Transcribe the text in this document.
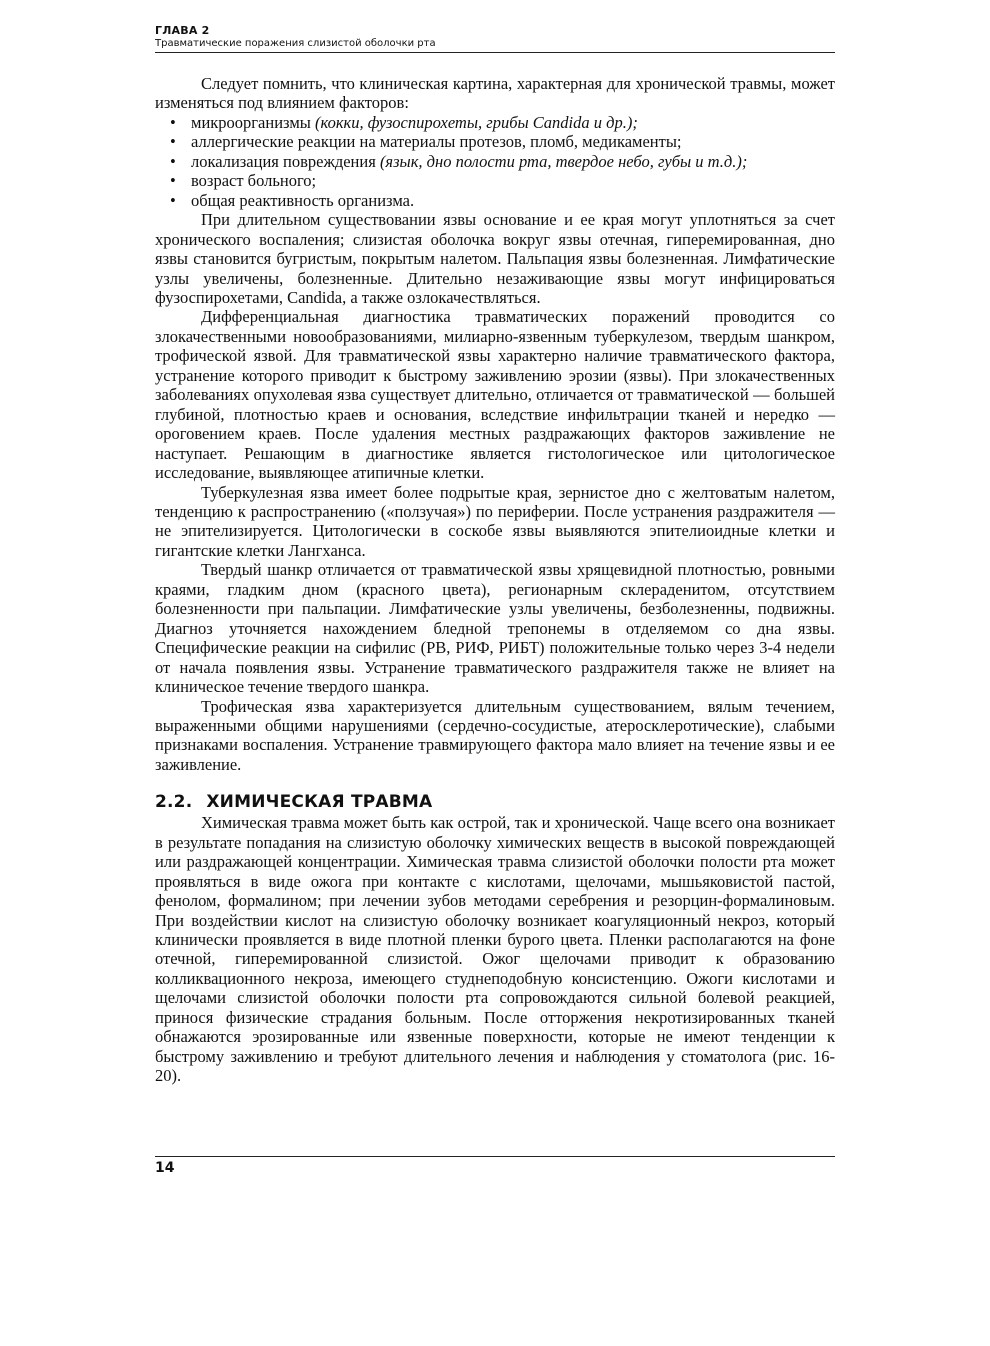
ГЛАВА 2
Травматические поражения слизистой оболочки рта

Следует помнить, что клиническая картина, характерная для хронической травмы, может изменяться под влиянием факторов:

• микроорганизмы (кокки, фузоспирохеты, грибы Candida и др.);
• аллергические реакции на материалы протезов, пломб, медикаменты;
• локализация повреждения (язык, дно полости рта, твердое небо, губы и т.д.);
• возраст больного;
• общая реактивность организма.

При длительном существовании язвы основание и ее края могут уплотняться за счет хронического воспаления; слизистая оболочка вокруг язвы отечная, гиперемированная, дно язвы становится бугристым, покрытым налетом. Пальпация язвы болезненная. Лимфатические узлы увеличены, болезненные. Длительно незаживающие язвы могут инфицироваться фузоспирохетами, Candida, а также озлокачествляться.

Дифференциальная диагностика травматических поражений проводится со злокачественными новообразованиями, милиарно-язвенным туберкулезом, твердым шанкром, трофической язвой. Для травматической язвы характерно наличие травматического фактора, устранение которого приводит к быстрому заживлению эрозии (язвы). При злокачественных заболеваниях опухолевая язва существует длительно, отличается от травматической — большей глубиной, плотностью краев и основания, вследствие инфильтрации тканей и нередко — ороговением краев. После удаления местных раздражающих факторов заживление не наступает. Решающим в диагностике является гистологическое или цитологическое исследование, выявляющее атипичные клетки.

Туберкулезная язва имеет более подрытые края, зернистое дно с желтоватым налетом, тенденцию к распространению («ползучая») по периферии. После устранения раздражителя — не эпителизируется. Цитологически в соскобе язвы выявляются эпителиоидные клетки и гигантские клетки Лангханса.

Твердый шанкр отличается от травматической язвы хрящевидной плотностью, ровными краями, гладким дном (красного цвета), регионарным склераденитом, отсутствием болезненности при пальпации. Лимфатические узлы увеличены, безболезненны, подвижны. Диагноз уточняется нахождением бледной трепонемы в отделяемом со дна язвы. Специфические реакции на сифилис (РВ, РИФ, РИБТ) положительные только через 3-4 недели от начала появления язвы. Устранение травматического раздражителя также не влияет на клиническое течение твердого шанкра.

Трофическая язва характеризуется длительным существованием, вялым течением, выраженными общими нарушениями (сердечно-сосудистые, атеросклеротические), слабыми признаками воспаления. Устранение травмирующего фактора мало влияет на течение язвы и ее заживление.

2.2. ХИМИЧЕСКАЯ ТРАВМА

Химическая травма может быть как острой, так и хронической. Чаще всего она возникает в результате попадания на слизистую оболочку химических веществ в высокой повреждающей или раздражающей концентрации. Химическая травма слизистой оболочки полости рта может проявляться в виде ожога при контакте с кислотами, щелочами, мышьяковистой пастой, фенолом, формалином; при лечении зубов методами серебрения и резорцин-формалиновым. При воздействии кислот на слизистую оболочку возникает коагуляционный некроз, который клинически проявляется в виде плотной пленки бурого цвета. Пленки располагаются на фоне отечной, гиперемированной слизистой. Ожог щелочами приводит к образованию колликвационного некроза, имеющего студнеподобную консистенцию. Ожоги кислотами и щелочами слизистой оболочки полости рта сопровождаются сильной болевой реакцией, принося физические страдания больным. После отторжения некротизированных тканей обнажаются эрозированные или язвенные поверхности, которые не имеют тенденции к быстрому заживлению и требуют длительного лечения и наблюдения у стоматолога (рис. 16-20).

14
